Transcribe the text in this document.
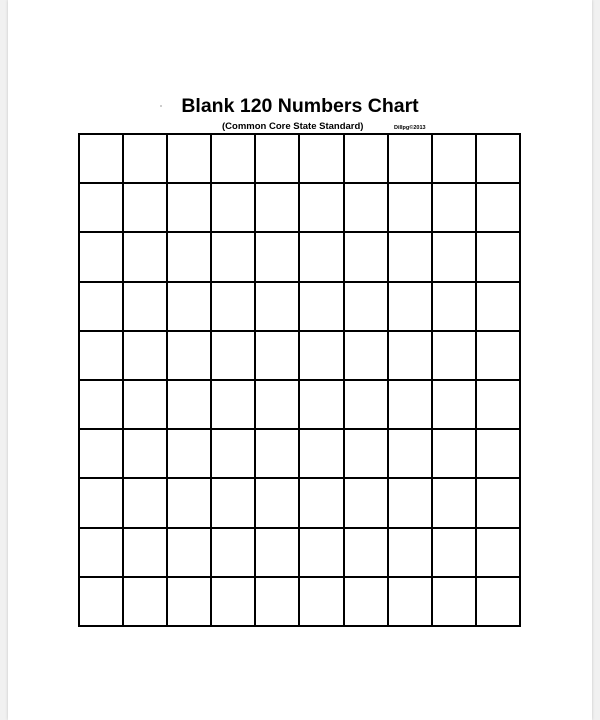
Blank 120 Numbers Chart
(Common Core State Standard)	Dillpg©2013
